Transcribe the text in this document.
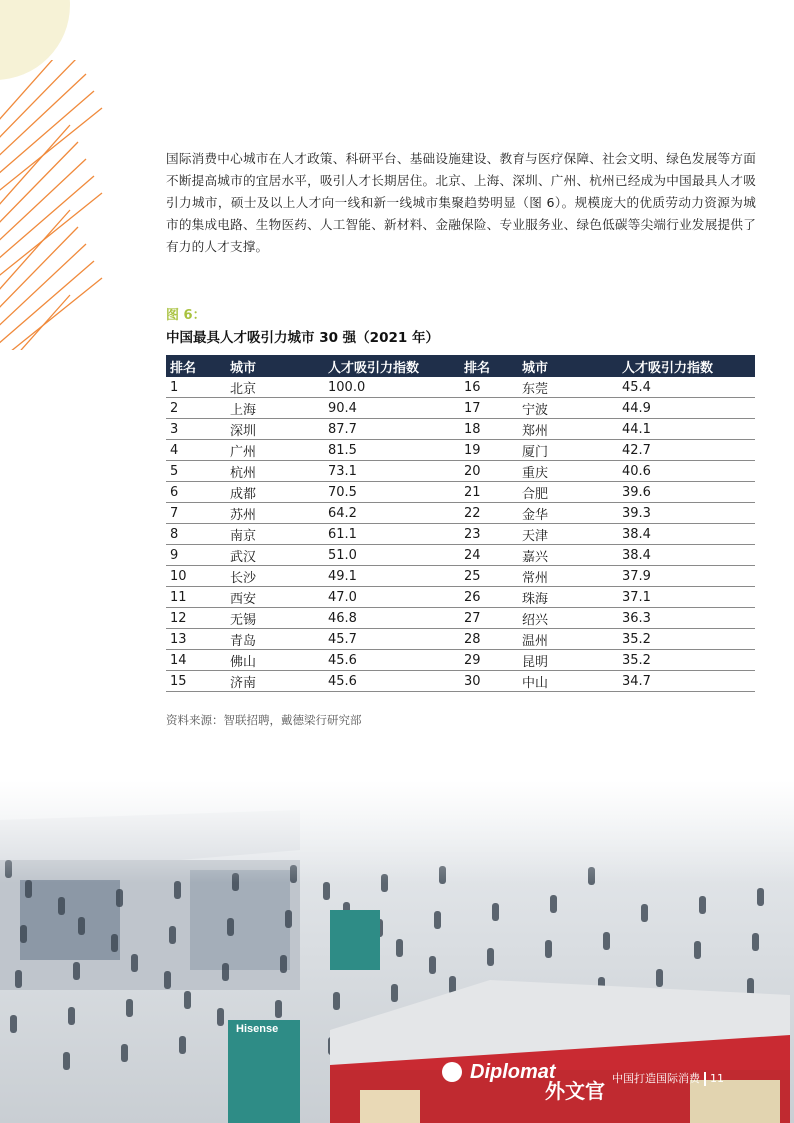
国际消费中心城市在人才政策、科研平台、基础设施建设、教育与医疗保障、社会文明、绿色发展等方面不断提高城市的宜居水平，吸引人才长期居住。北京、上海、深圳、广州、杭州已经成为中国最具人才吸引力城市，硕士及以上人才向一线和新一线城市集聚趋势明显（图 6）。规模庞大的优质劳动力资源为城市的集成电路、生物医药、人工智能、新材料、金融保险、专业服务业、绿色低碳等尖端行业发展提供了有力的人才支撑。

图 6：

中国最具人才吸引力城市 30 强（2021 年）

排名	城市	人才吸引力指数	排名	城市	人才吸引力指数
1	北京	100.0	16	东莞	45.4
2	上海	90.4	17	宁波	44.9
3	深圳	87.7	18	郑州	44.1
4	广州	81.5	19	厦门	42.7
5	杭州	73.1	20	重庆	40.6
6	成都	70.5	21	合肥	39.6
7	苏州	64.2	22	金华	39.3
8	南京	61.1	23	天津	38.4
9	武汉	51.0	24	嘉兴	38.4
10	长沙	49.1	25	常州	37.9
11	西安	47.0	26	珠海	37.1
12	无锡	46.8	27	绍兴	36.3
13	青岛	45.7	28	温州	35.2
14	佛山	45.6	29	昆明	35.2
15	济南	45.6	30	中山	34.7

资料来源：智联招聘，戴德梁行研究部

中国打造国际消费 11
